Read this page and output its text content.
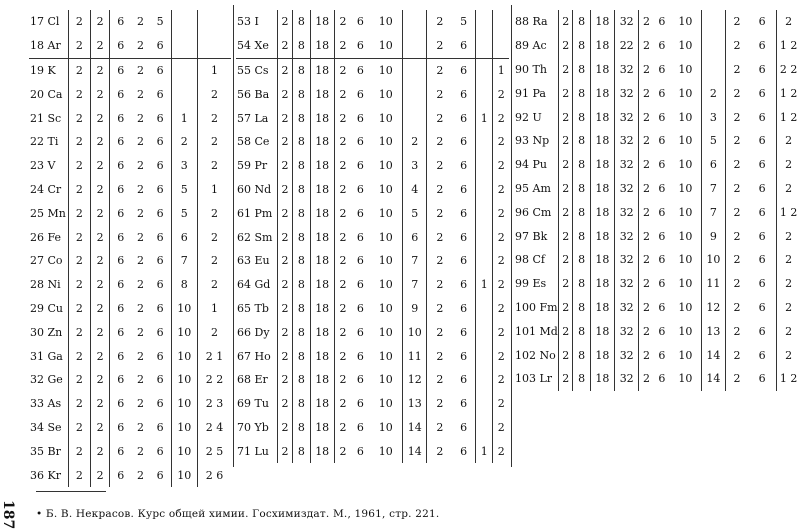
17 Cl	2	2	6	2	5		
18 Ar	2	2	6	2	6		
19 K	2	2	6	2	6		1
20 Ca	2	2	6	2	6		2
21 Sc	2	2	6	2	6	1	2
22 Ti	2	2	6	2	6	2	2
23 V	2	2	6	2	6	3	2
24 Cr	2	2	6	2	6	5	1
25 Mn	2	2	6	2	6	5	2
26 Fe	2	2	6	2	6	6	2
27 Co	2	2	6	2	6	7	2
28 Ni	2	2	6	2	6	8	2
29 Cu	2	2	6	2	6	10	1
30 Zn	2	2	6	2	6	10	2
31 Ga	2	2	6	2	6	10	2 1
32 Ge	2	2	6	2	6	10	2 2
33 As	2	2	6	2	6	10	2 3
34 Se	2	2	6	2	6	10	2 4
35 Br	2	2	6	2	6	10	2 5
36 Kr	2	2	6	2	6	10	2 6
53 I	2	8	18	2	6	10		2	5		
54 Xe	2	8	18	2	6	10		2	6		
55 Cs	2	8	18	2	6	10		2	6		1
56 Ba	2	8	18	2	6	10		2	6		2
57 La	2	8	18	2	6	10		2	6	1	2
58 Ce	2	8	18	2	6	10	2	2	6		2
59 Pr	2	8	18	2	6	10	3	2	6		2
60 Nd	2	8	18	2	6	10	4	2	6		2
61 Pm	2	8	18	2	6	10	5	2	6		2
62 Sm	2	8	18	2	6	10	6	2	6		2
63 Eu	2	8	18	2	6	10	7	2	6		2
64 Gd	2	8	18	2	6	10	7	2	6	1	2
65 Tb	2	8	18	2	6	10	9	2	6		2
66 Dy	2	8	18	2	6	10	10	2	6		2
67 Ho	2	8	18	2	6	10	11	2	6		2
68 Er	2	8	18	2	6	10	12	2	6		2
69 Tu	2	8	18	2	6	10	13	2	6		2
70 Yb	2	8	18	2	6	10	14	2	6		2
71 Lu	2	8	18	2	6	10	14	2	6	1	2
88 Ra	2	8	18	32	2	6	10		2	6	2
89 Ac	2	8	18	22	2	6	10		2	6	1 2
90 Th	2	8	18	32	2	6	10		2	6	2 2
91 Pa	2	8	18	32	2	6	10	2	2	6	1 2
92 U	2	8	18	32	2	6	10	3	2	6	1 2
93 Np	2	8	18	32	2	6	10	5	2	6	2
94 Pu	2	8	18	32	2	6	10	6	2	6	2
95 Am	2	8	18	32	2	6	10	7	2	6	2
96 Cm	2	8	18	32	2	6	10	7	2	6	1 2
97 Bk	2	8	18	32	2	6	10	9	2	6	2
98 Cf	2	8	18	32	2	6	10	10	2	6	2
99 Es	2	8	18	32	2	6	10	11	2	6	2
100 Fm	2	8	18	32	2	6	10	12	2	6	2
101 Md	2	8	18	32	2	6	10	13	2	6	2
102 No	2	8	18	32	2	6	10	14	2	6	2
103 Lr	2	8	18	32	2	6	10	14	2	6	1 2
187 • Б. В. Некрасов. Курс общей химии. Госхимиздат. М., 1961, стр. 221.
